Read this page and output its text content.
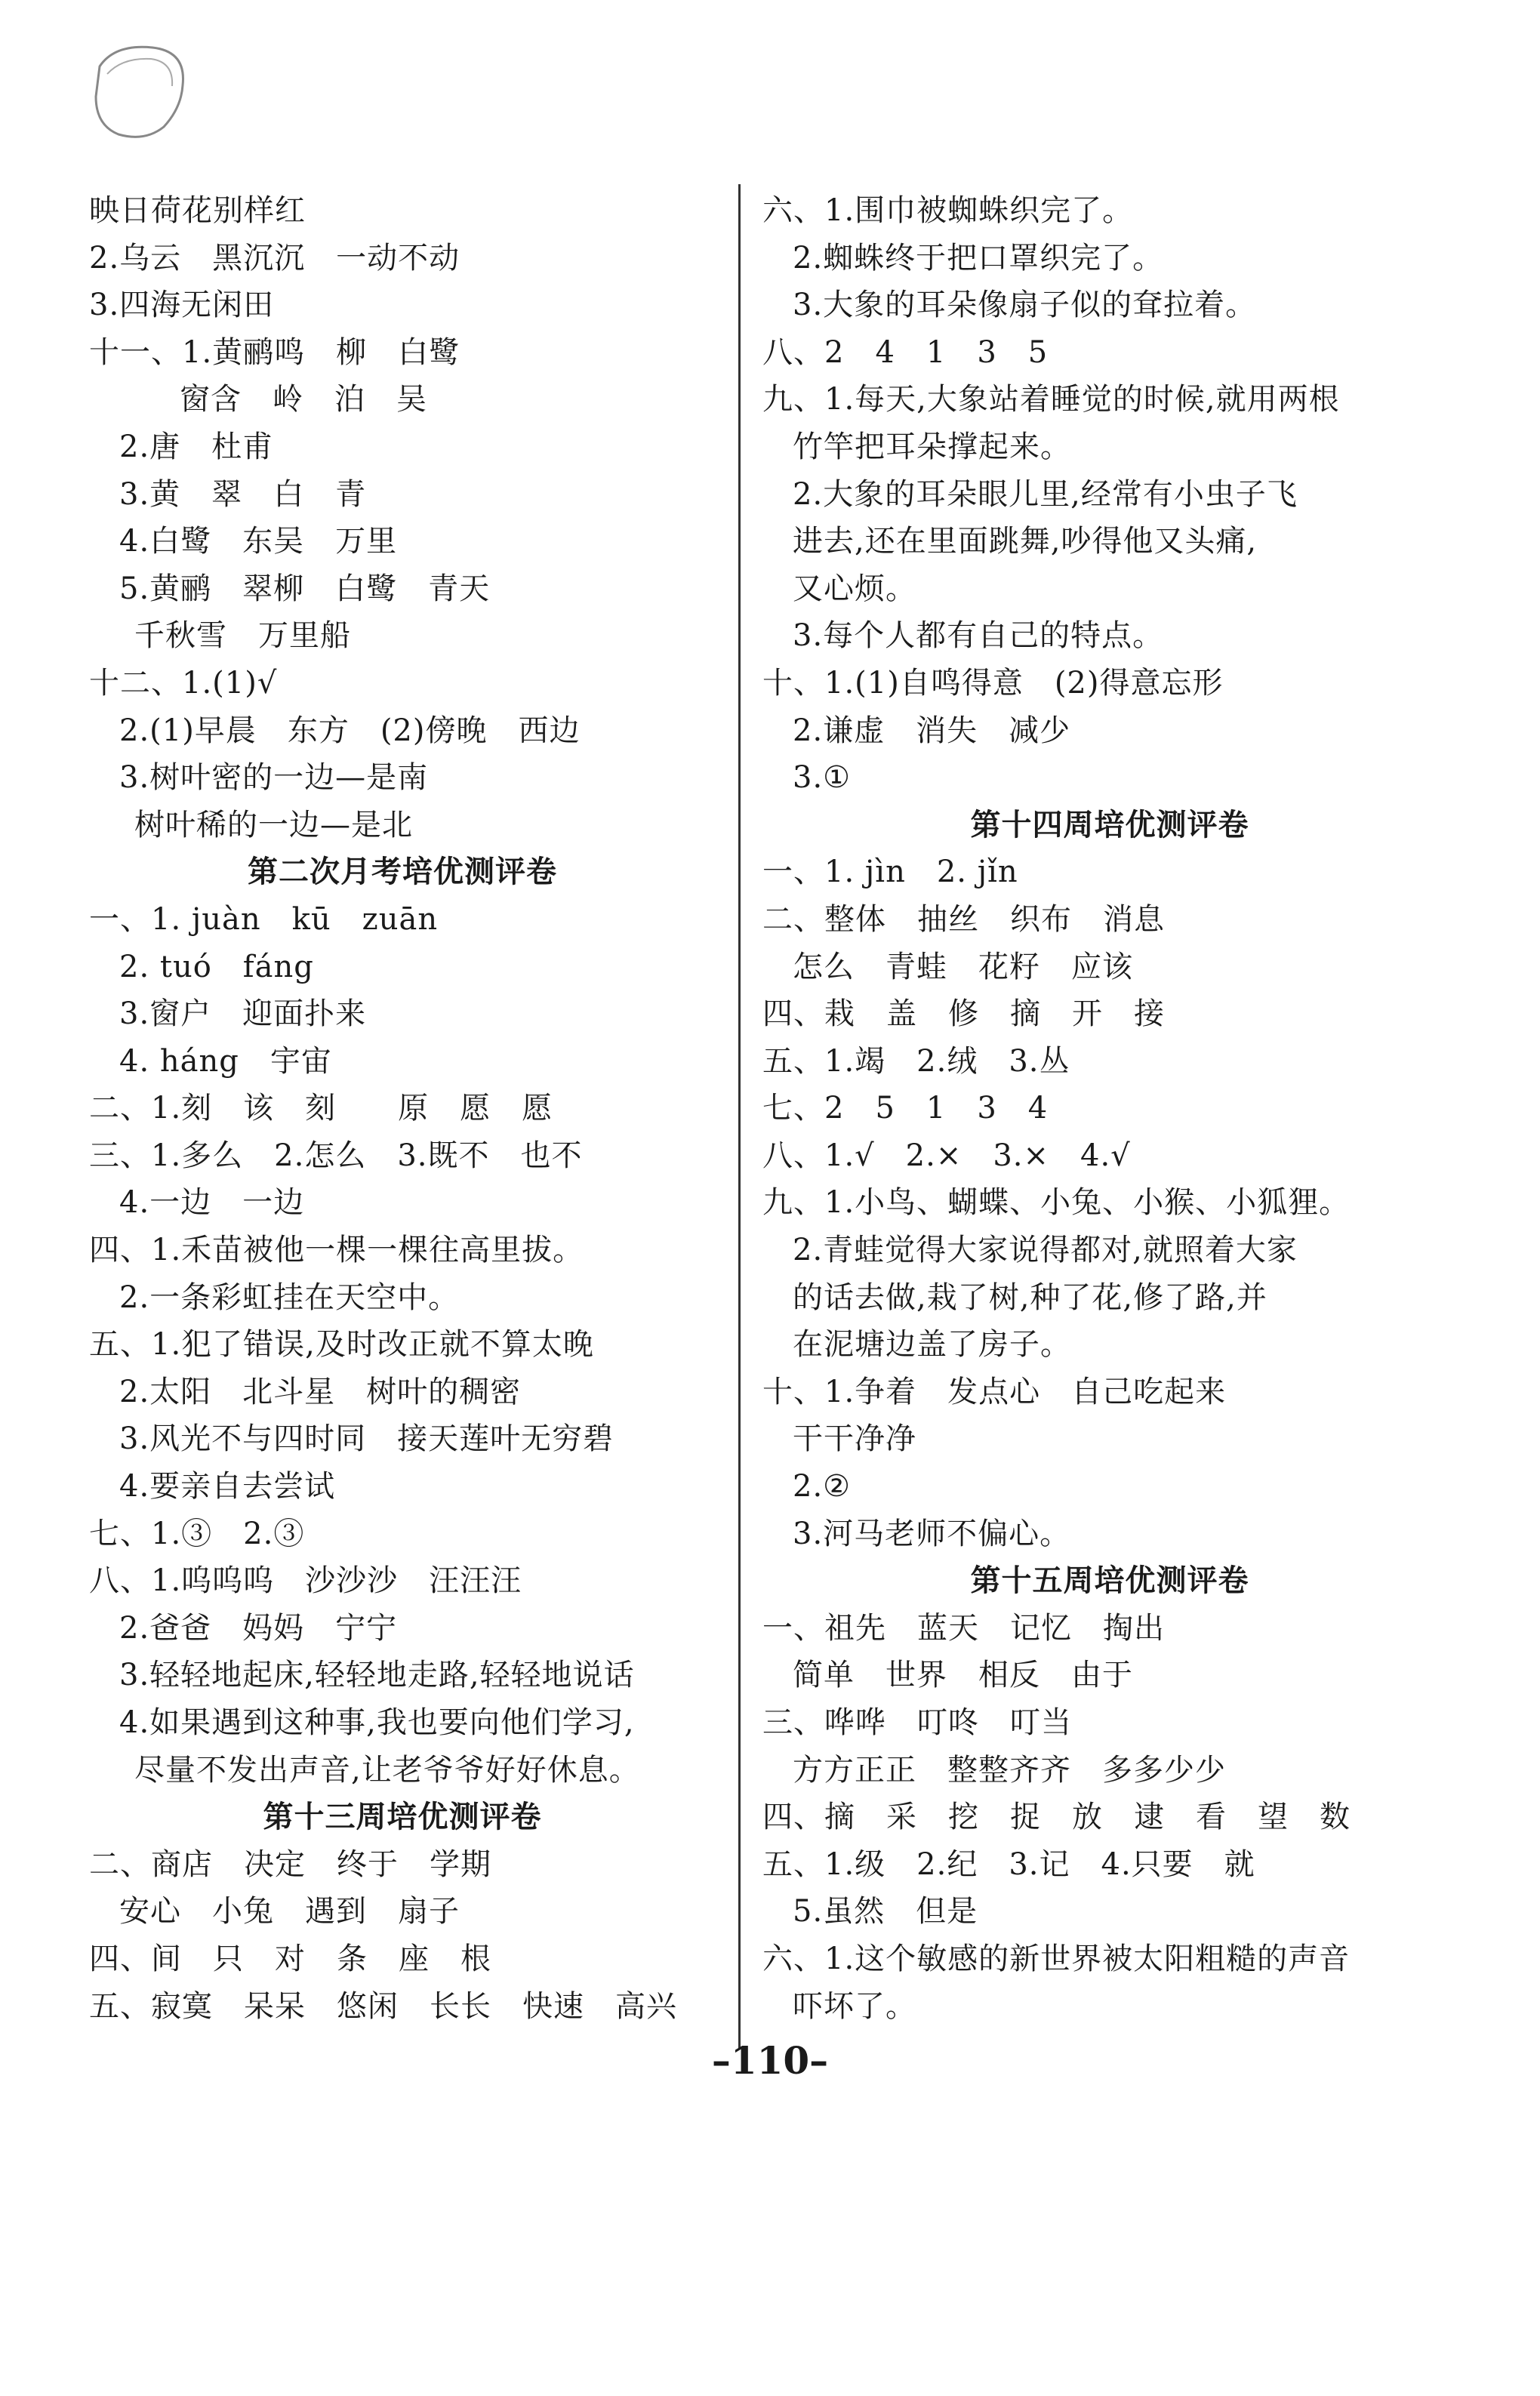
映日荷花别样红
2.乌云　黑沉沉　一动不动
3.四海无闲田
十一、1.黄鹂鸣　柳　白鹭
窗含　岭　泊　吴
2.唐　杜甫
3.黄　翠　白　青
4.白鹭　东吴　万里
5.黄鹂　翠柳　白鹭　青天
千秋雪　万里船
十二、1.(1)√
2.(1)早晨　东方　(2)傍晚　西边
3.树叶密的一边—是南
树叶稀的一边—是北
第二次月考培优测评卷
一、1. juàn　kū　zuān
2. tuó　fáng
3.窗户　迎面扑来
4. háng　宇宙
二、1.刻　该　刻　　原　愿　愿
三、1.多么　2.怎么　3.既不　也不
4.一边　一边
四、1.禾苗被他一棵一棵往高里拔。
2.一条彩虹挂在天空中。
五、1.犯了错误,及时改正就不算太晚
2.太阳　北斗星　树叶的稠密
3.风光不与四时同　接天莲叶无穷碧
4.要亲自去尝试
七、1.③　2.③
八、1.呜呜呜　沙沙沙　汪汪汪
2.爸爸　妈妈　宁宁
3.轻轻地起床,轻轻地走路,轻轻地说话
4.如果遇到这种事,我也要向他们学习,
尽量不发出声音,让老爷爷好好休息。
第十三周培优测评卷
二、商店　决定　终于　学期
安心　小兔　遇到　扇子
四、间　只　对　条　座　根
五、寂寞　呆呆　悠闲　长长　快速　高兴
六、1.围巾被蜘蛛织完了。
2.蜘蛛终于把口罩织完了。
3.大象的耳朵像扇子似的耷拉着。
八、2　4　1　3　5
九、1.每天,大象站着睡觉的时候,就用两根
竹竿把耳朵撑起来。
2.大象的耳朵眼儿里,经常有小虫子飞
进去,还在里面跳舞,吵得他又头痛,
又心烦。
3.每个人都有自己的特点。
十、1.(1)自鸣得意　(2)得意忘形
2.谦虚　消失　减少
3.①
第十四周培优测评卷
一、1. jìn　2. jǐn
二、整体　抽丝　织布　消息
怎么　青蛙　花籽　应该
四、栽　盖　修　摘　开　接
五、1.竭　2.绒　3.丛
七、2　5　1　3　4
八、1.√　2.×　3.×　4.√
九、1.小鸟、蝴蝶、小兔、小猴、小狐狸。
2.青蛙觉得大家说得都对,就照着大家
的话去做,栽了树,种了花,修了路,并
在泥塘边盖了房子。
十、1.争着　发点心　自己吃起来
干干净净
2.②
3.河马老师不偏心。
第十五周培优测评卷
一、祖先　蓝天　记忆　掏出
简单　世界　相反　由于
三、哗哗　叮咚　叮当
方方正正　整整齐齐　多多少少
四、摘　采　挖　捉　放　逮　看　望　数
五、1.级　2.纪　3.记　4.只要　就
5.虽然　但是
六、1.这个敏感的新世界被太阳粗糙的声音
吓坏了。
–110–
